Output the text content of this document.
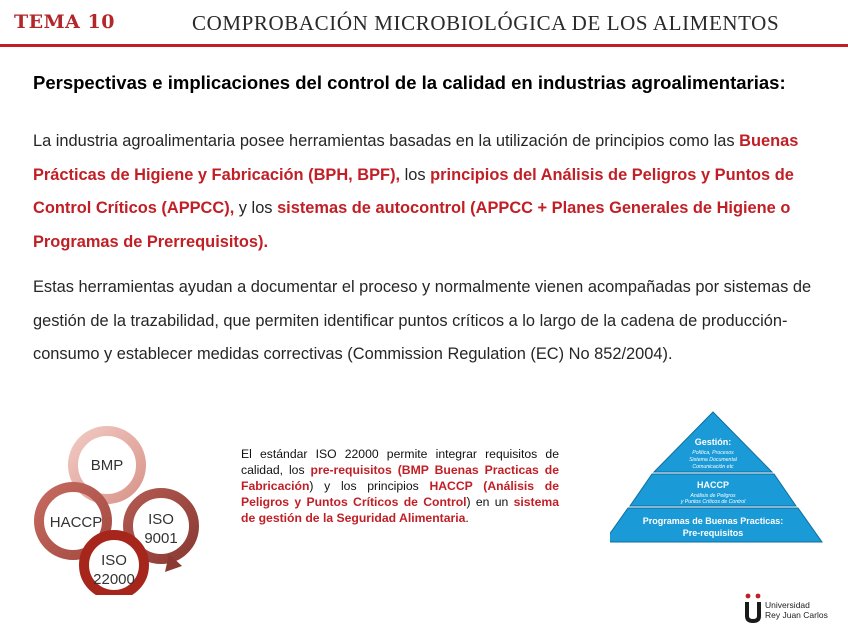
TEMA 10	COMPROBACIÓN MICROBIOLÓGICA DE LOS ALIMENTOS
Perspectivas e implicaciones del control de la calidad en industrias agroalimentarias:
La industria agroalimentaria posee herramientas basadas en la utilización de principios como las Buenas Prácticas de Higiene y Fabricación (BPH, BPF), los principios del Análisis de Peligros y Puntos de Control Críticos (APPCC), y los sistemas de autocontrol (APPCC + Planes Generales de Higiene o Programas de Prerrequisitos).
Estas herramientas ayudan a documentar el proceso y normalmente vienen acompañadas por sistemas de gestión de la trazabilidad, que permiten identificar puntos críticos a lo largo de la cadena de producción-consumo y establecer medidas correctivas (Commission Regulation (EC) No 852/2004).
BMP
HACCP	ISO
9001
ISO
22000
El estándar ISO 22000 permite integrar requisitos de calidad, los pre-requisitos (BMP Buenas Practicas de Fabricación) y los principios HACCP (Análisis de Peligros y Puntos Críticos de Control) en un sistema de gestión de la Seguridad Alimentaria.
Gestión:
Política, Procesos
Sistema Documental
Comunicación etc
HACCP
Análisis de Peligros
y Puntos Críticos de Control
Programas de Buenas Practicas:
Pre-requisitos
Universidad
Rey Juan Carlos
